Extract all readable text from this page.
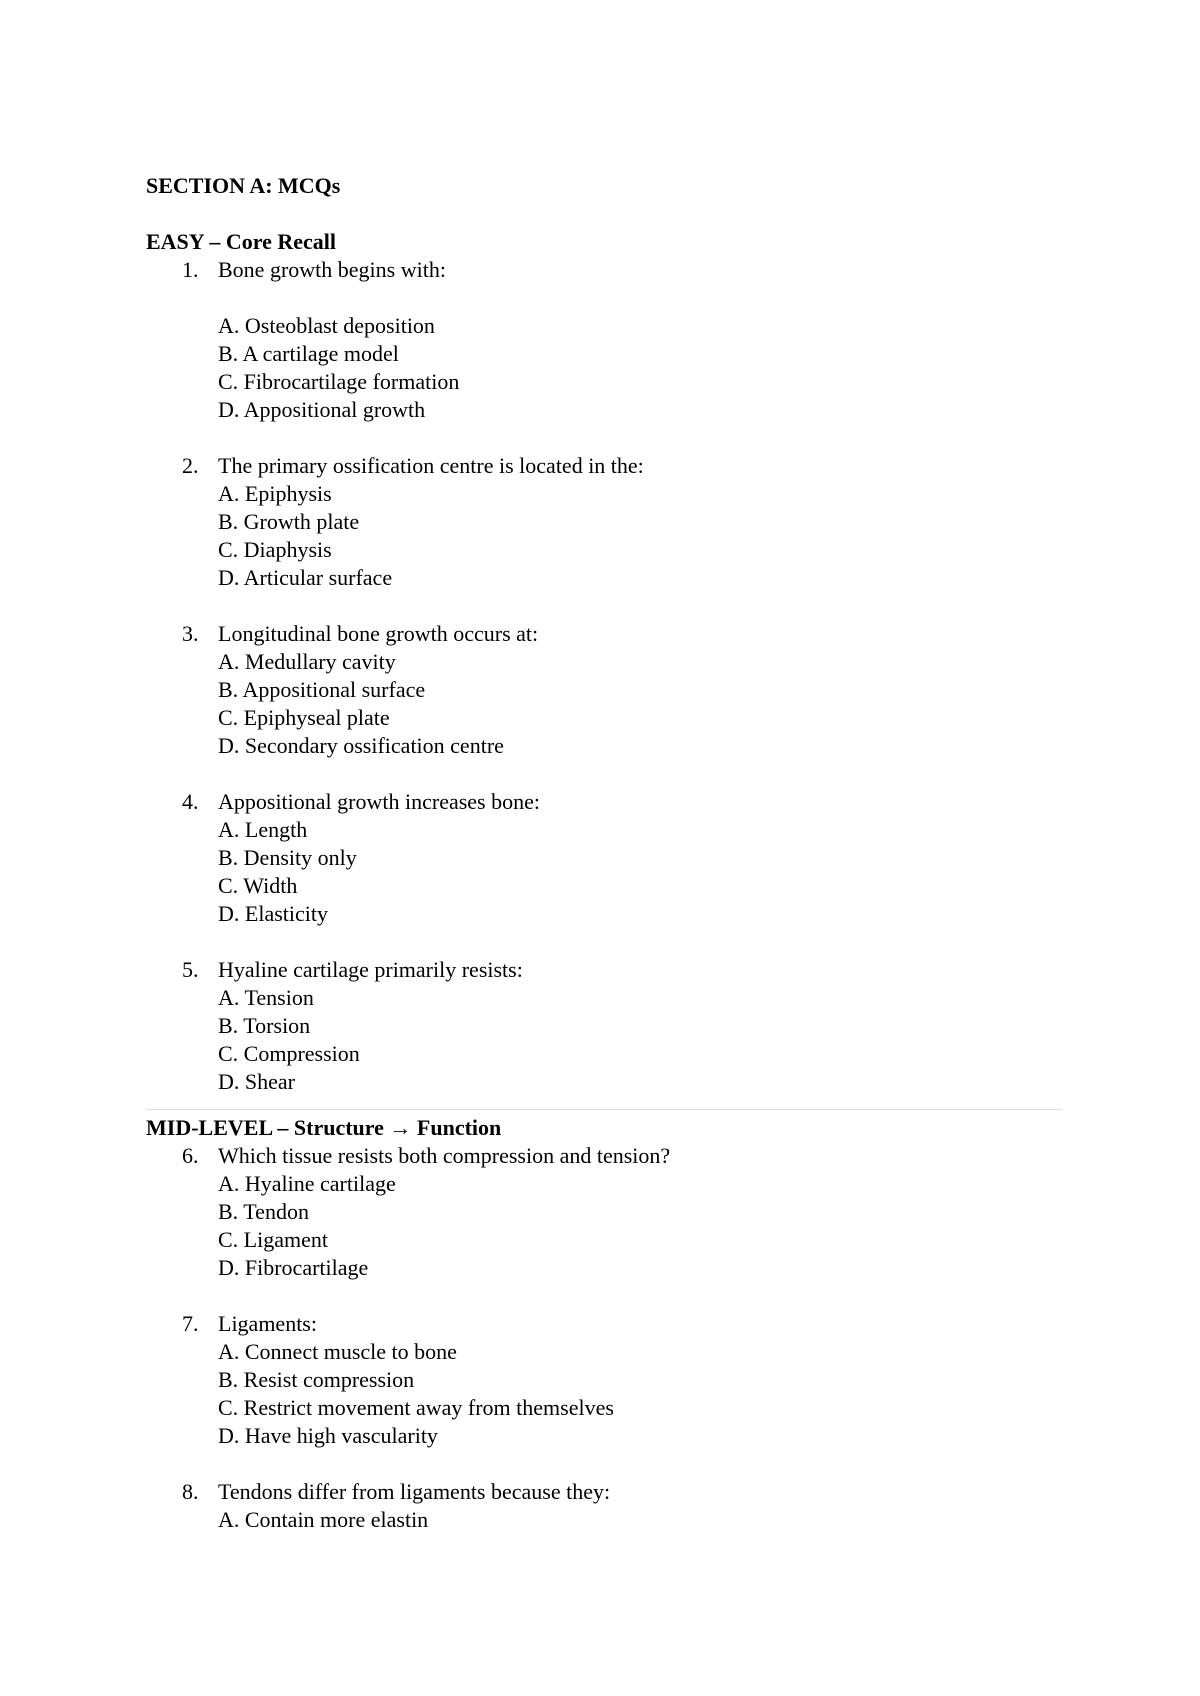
SECTION A: MCQs
EASY – Core Recall
1. Bone growth begins with:
A. Osteoblast deposition
B. A cartilage model
C. Fibrocartilage formation
D. Appositional growth
2. The primary ossification centre is located in the:
A. Epiphysis
B. Growth plate
C. Diaphysis
D. Articular surface
3. Longitudinal bone growth occurs at:
A. Medullary cavity
B. Appositional surface
C. Epiphyseal plate
D. Secondary ossification centre
4. Appositional growth increases bone:
A. Length
B. Density only
C. Width
D. Elasticity
5. Hyaline cartilage primarily resists:
A. Tension
B. Torsion
C. Compression
D. Shear
MID-LEVEL – Structure → Function
6. Which tissue resists both compression and tension?
A. Hyaline cartilage
B. Tendon
C. Ligament
D. Fibrocartilage
7. Ligaments:
A. Connect muscle to bone
B. Resist compression
C. Restrict movement away from themselves
D. Have high vascularity
8. Tendons differ from ligaments because they:
A. Contain more elastin
